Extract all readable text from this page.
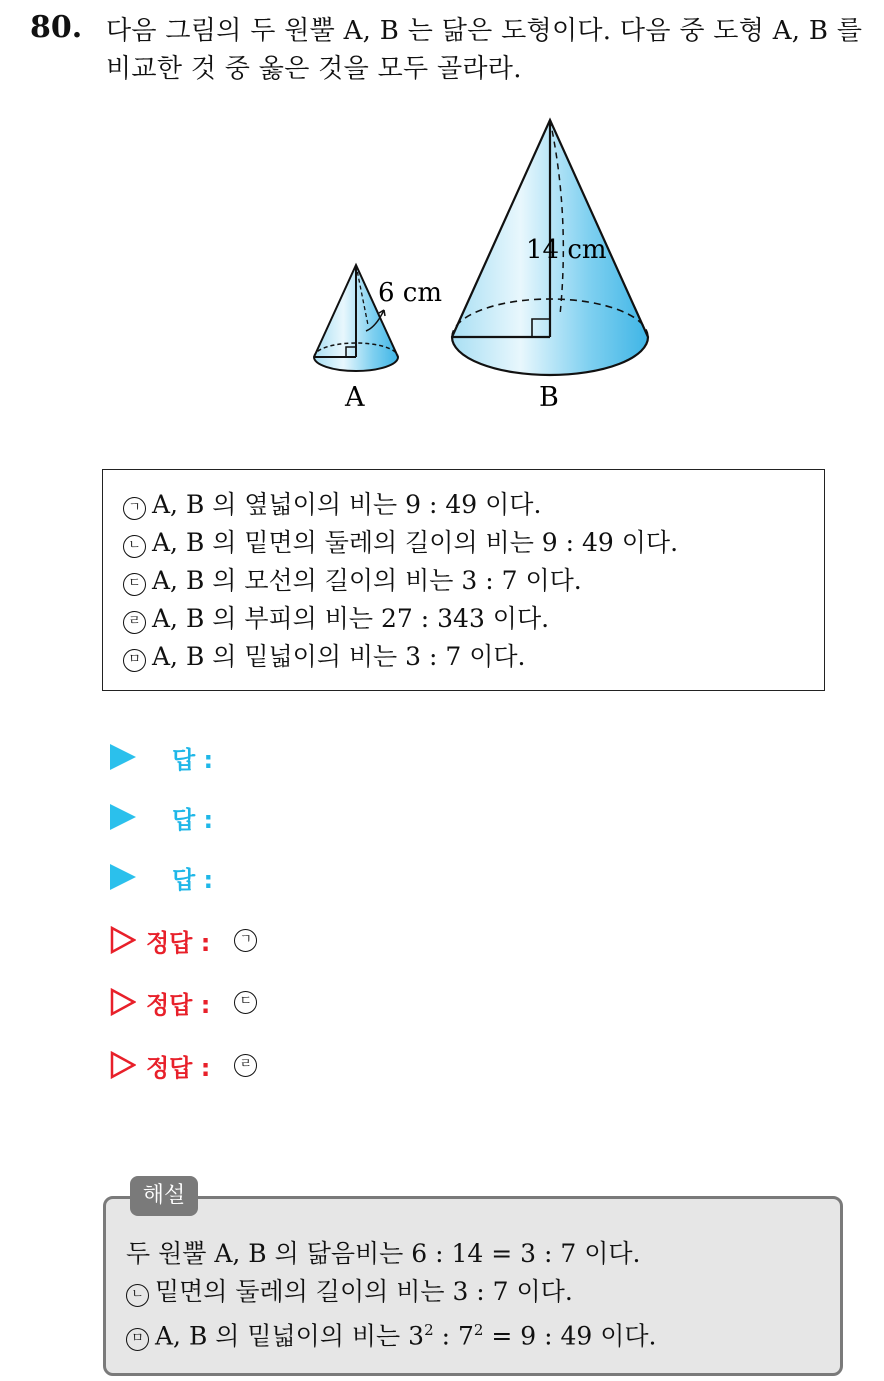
80. 다음 그림의 두 원뿔 A, B 는 닮은 도형이다. 다음 중 도형 A, B 를 비교한 것 중 옳은 것을 모두 골라라.
6 cm
A
14 cm
B
ㄱ A, B 의 옆넓이의 비는 9 : 49 이다.
ㄴ A, B 의 밑면의 둘레의 길이의 비는 9 : 49 이다.
ㄷ A, B 의 모선의 길이의 비는 3 : 7 이다.
ㄹ A, B 의 부피의 비는 27 : 343 이다.
ㅁ A, B 의 밑넓이의 비는 3 : 7 이다.
답 :
답 :
답 :
정답 :	ㄱ
정답 :	ㄷ
정답 :	ㄹ
두 원뿔 A, B 의 닮음비는 6 : 14 = 3 : 7 이다.
ㄴ 밑면의 둘레의 길이의 비는 3 : 7 이다.
ㅁ A, B 의 밑넓이의 비는 $3^2$ : $7^2 = 9$ : 49 이다.
해설
